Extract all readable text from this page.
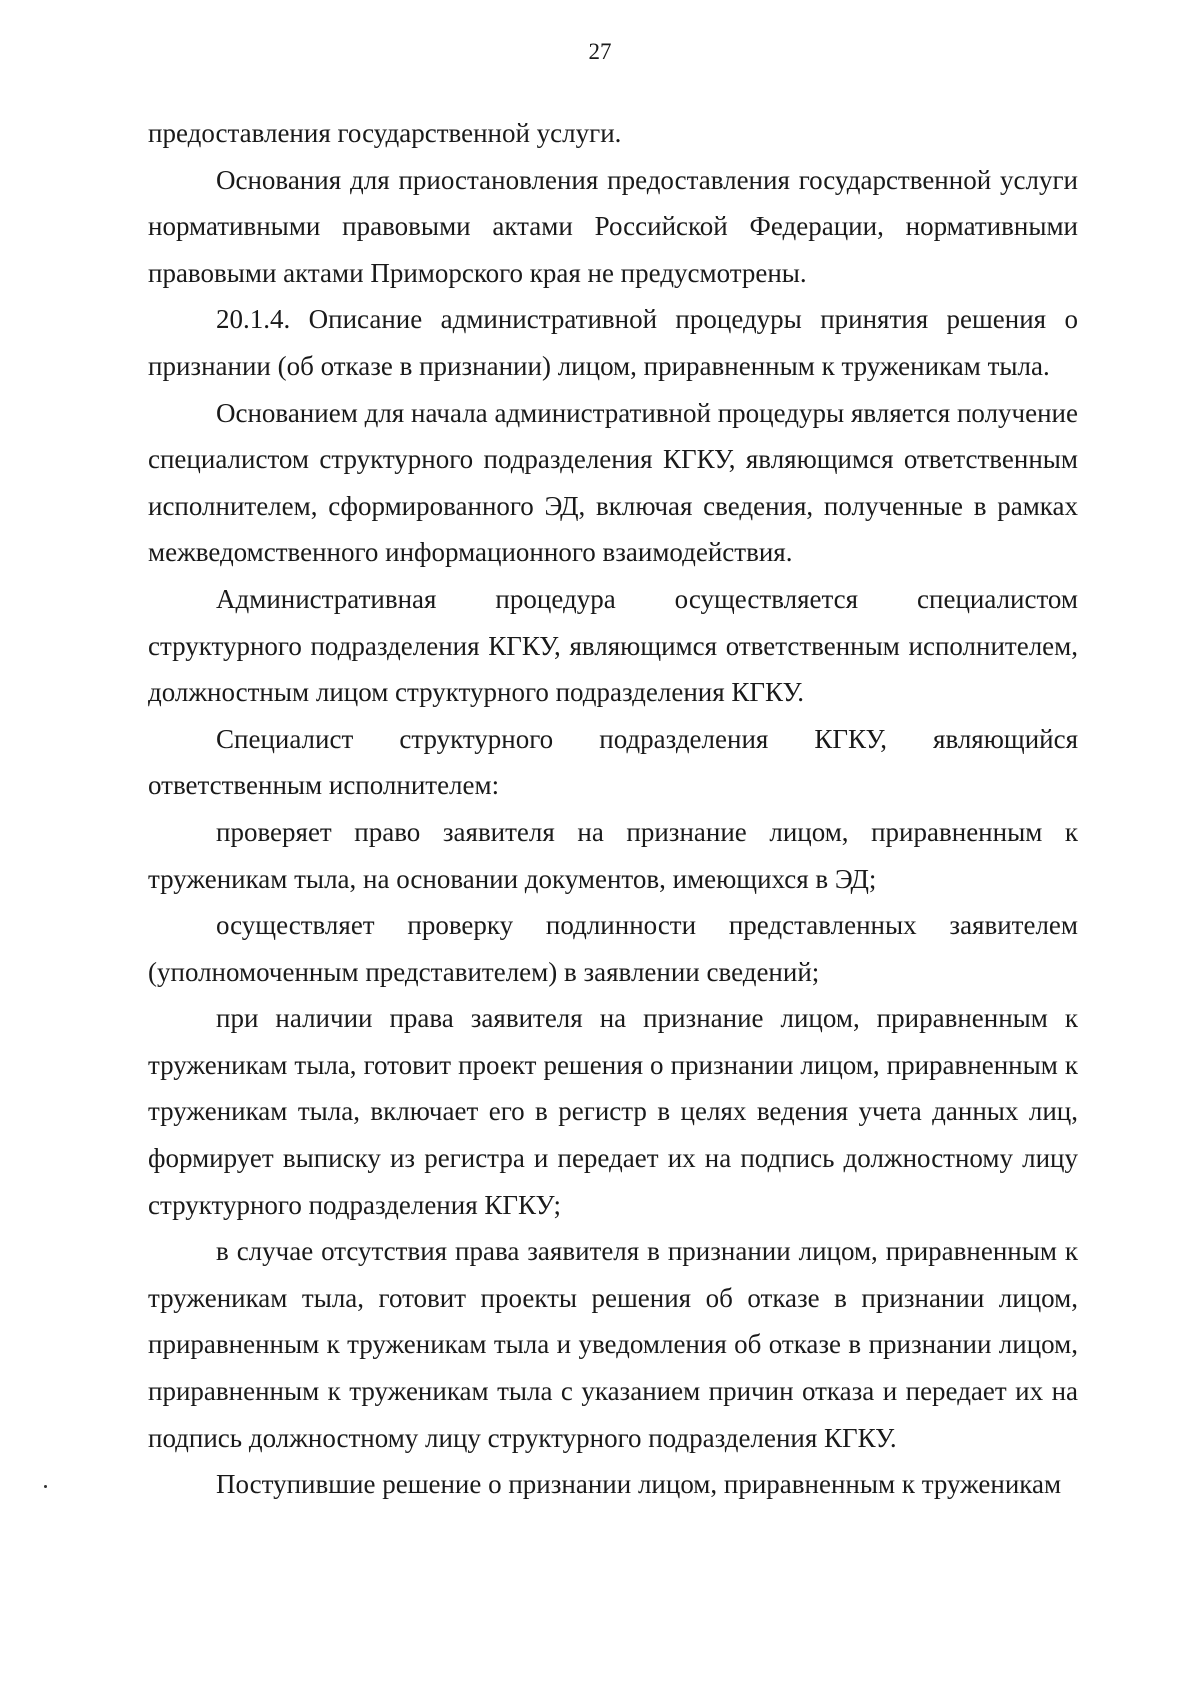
27

предоставления государственной услуги.

Основания для приостановления предоставления государственной услуги нормативными правовыми актами Российской Федерации, нормативными правовыми актами Приморского края не предусмотрены.

20.1.4. Описание административной процедуры принятия решения о признании (об отказе в признании) лицом, приравненным к труженикам тыла.

Основанием для начала административной процедуры является получение специалистом структурного подразделения КГКУ, являющимся ответственным исполнителем, сформированного ЭД, включая сведения, полученные в рамках межведомственного информационного взаимодействия.

Административная процедура осуществляется специалистом структурного подразделения КГКУ, являющимся ответственным исполнителем, должностным лицом структурного подразделения КГКУ.

Специалист структурного подразделения КГКУ, являющийся ответственным исполнителем:

проверяет право заявителя на признание лицом, приравненным к труженикам тыла, на основании документов, имеющихся в ЭД;

осуществляет проверку подлинности представленных заявителем (уполномоченным представителем) в заявлении сведений;

при наличии права заявителя на признание лицом, приравненным к труженикам тыла, готовит проект решения о признании лицом, приравненным к труженикам тыла, включает его в регистр в целях ведения учета данных лиц, формирует выписку из регистра и передает их на подпись должностному лицу структурного подразделения КГКУ;

в случае отсутствия права заявителя в признании лицом, приравненным к труженикам тыла, готовит проекты решения об отказе в признании лицом, приравненным к труженикам тыла и уведомления об отказе в признании лицом, приравненным к труженикам тыла с указанием причин отказа и передает их на подпись должностному лицу структурного подразделения КГКУ.

Поступившие решение о признании лицом, приравненным к труженикам
